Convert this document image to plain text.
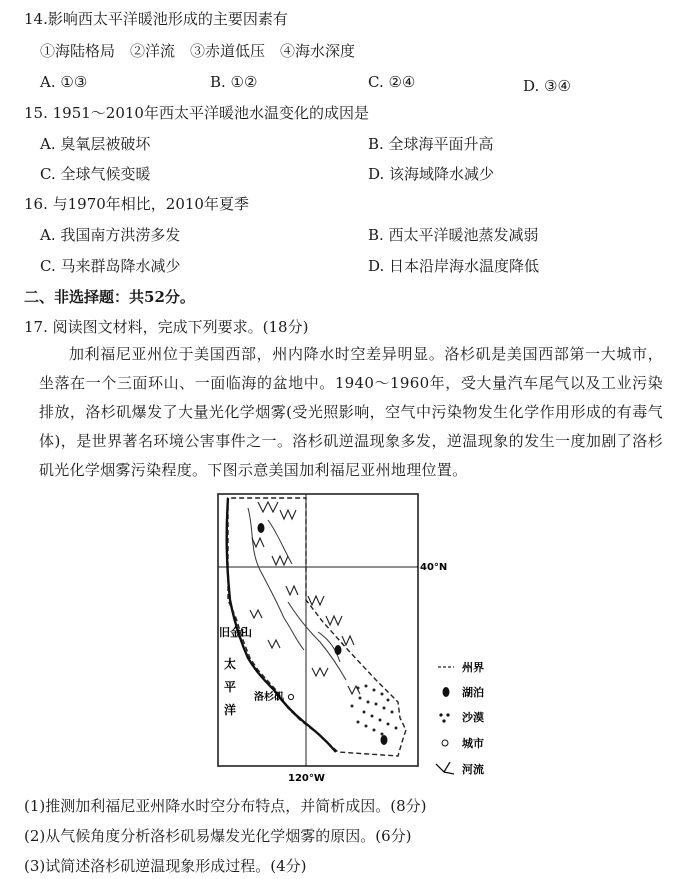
14.影响西太平洋暖池形成的主要因素有
①海陆格局　②洋流　③赤道低压　④海水深度
A. ①③	B. ①②	C. ②④	D. ③④
15. 1951～2010年西太平洋暖池水温变化的成因是
A. 臭氧层被破坏	B. 全球海平面升高
C. 全球气候变暖	D. 该海域降水减少
16. 与1970年相比，2010年夏季
A. 我国南方洪涝多发	B. 西太平洋暖池蒸发减弱
C. 马来群岛降水减少	D. 日本沿岸海水温度降低
二、非选择题：共52分。
17. 阅读图文材料，完成下列要求。(18分)
加利福尼亚州位于美国西部，州内降水时空差异明显。洛杉矶是美国西部第一大城市，坐落在一个三面环山、一面临海的盆地中。1940～1960年，受大量汽车尾气以及工业污染排放，洛杉矶爆发了大量光化学烟雾(受光照影响，空气中污染物发生化学作用形成的有毒气体)，是世界著名环境公害事件之一。洛杉矶逆温现象多发，逆温现象的发生一度加剧了洛杉矶光化学烟雾污染程度。下图示意美国加利福尼亚州地理位置。
40°N
120°W
旧金山
洛杉矶
太
平
洋
州界
湖泊
沙漠
城市
河流
(1)推测加利福尼亚州降水时空分布特点，并简析成因。(8分)
(2)从气候角度分析洛杉矶易爆发光化学烟雾的原因。(6分)
(3)试简述洛杉矶逆温现象形成过程。(4分)
